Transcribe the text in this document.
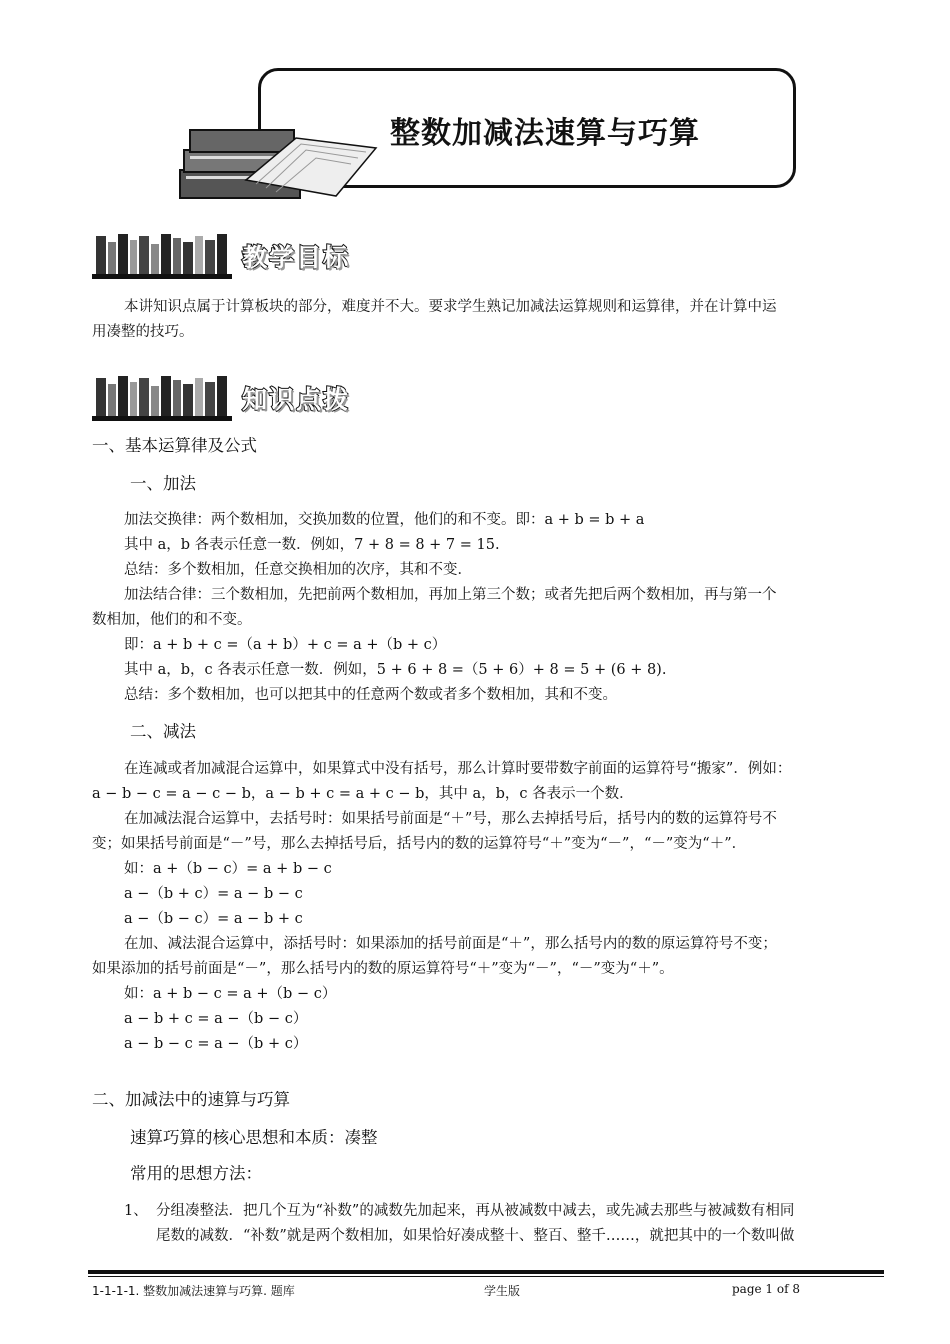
整数加减法速算与巧算
教学目标
本讲知识点属于计算板块的部分，难度并不大。要求学生熟记加减法运算规则和运算律，并在计算中运
用凑整的技巧。
知识点拨
一、基本运算律及公式
一、加法
加法交换律：两个数相加，交换加数的位置，他们的和不变。即：a + b = b + a
其中 a，b 各表示任意一数．例如，7 + 8 = 8 + 7 = 15.
总结：多个数相加，任意交换相加的次序，其和不变．
加法结合律：三个数相加，先把前两个数相加，再加上第三个数；或者先把后两个数相加，再与第一个
数相加，他们的和不变。
即：a + b + c =（a + b）+ c = a +（b + c）
其中 a，b，c 各表示任意一数．例如，5 + 6 + 8 =（5 + 6）+ 8 = 5 + (6 + 8).
总结：多个数相加，也可以把其中的任意两个数或者多个数相加，其和不变。
二、减法
在连减或者加减混合运算中，如果算式中没有括号，那么计算时要带数字前面的运算符号“搬家”．例如：
a − b − c = a − c − b，a − b + c = a + c − b，其中 a，b，c 各表示一个数．
在加减法混合运算中，去括号时：如果括号前面是“＋”号，那么去掉括号后，括号内的数的运算符号不
变；如果括号前面是“－”号，那么去掉括号后，括号内的数的运算符号“＋”变为“－”，“－”变为“＋”．
如：a +（b − c）= a + b − c
a −（b + c）= a − b − c
a −（b − c）= a − b + c
在加、减法混合运算中，添括号时：如果添加的括号前面是“＋”，那么括号内的数的原运算符号不变；
如果添加的括号前面是“－”，那么括号内的数的原运算符号“＋”变为“－”，“－”变为“＋”。
如：a + b − c = a +（b − c）
a − b + c = a −（b − c）
a − b − c = a −（b + c）
二、加减法中的速算与巧算
速算巧算的核心思想和本质：凑整
常用的思想方法：
1、 分组凑整法．把几个互为“补数”的减数先加起来，再从被减数中减去，或先减去那些与被减数有相同
尾数的减数．“补数”就是两个数相加，如果恰好凑成整十、整百、整千……，就把其中的一个数叫做
1-1-1-1. 整数加减法速算与巧算. 题库	学生版	page 1 of 8
